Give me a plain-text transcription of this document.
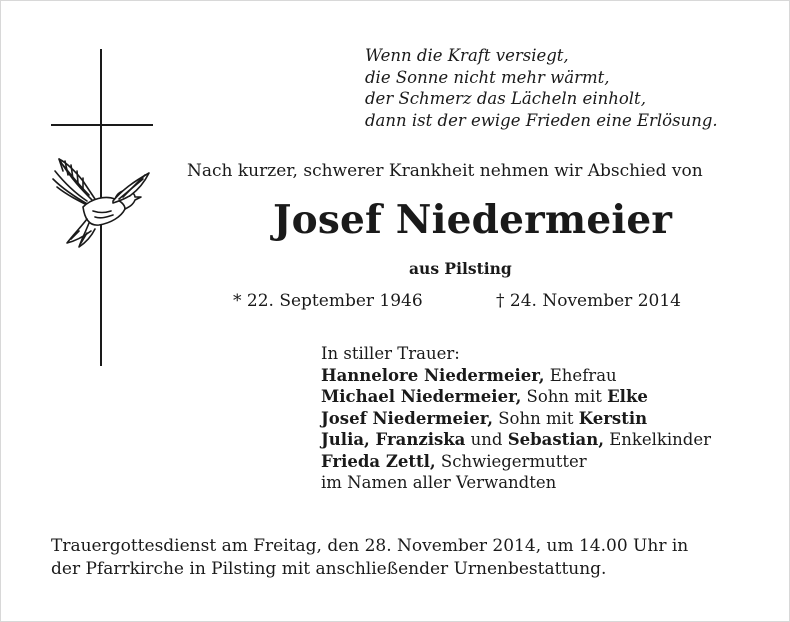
Wenn die Kraft versiegt,
die Sonne nicht mehr wärmt,
der Schmerz das Lächeln einholt,
dann ist der ewige Frieden eine Erlösung.
Nach kurzer, schwerer Krankheit nehmen wir Abschied von
Josef Niedermeier
aus Pilsting
* 22. September 1946	† 24. November 2014
In stiller Trauer:
Hannelore Niedermeier, Ehefrau
Michael Niedermeier, Sohn mit Elke
Josef Niedermeier, Sohn mit Kerstin
Julia, Franziska und Sebastian, Enkelkinder
Frieda Zettl, Schwiegermutter
im Namen aller Verwandten
Trauergottesdienst am Freitag, den 28. November 2014, um 14.00 Uhr in
der Pfarrkirche in Pilsting mit anschließender Urnenbestattung.
